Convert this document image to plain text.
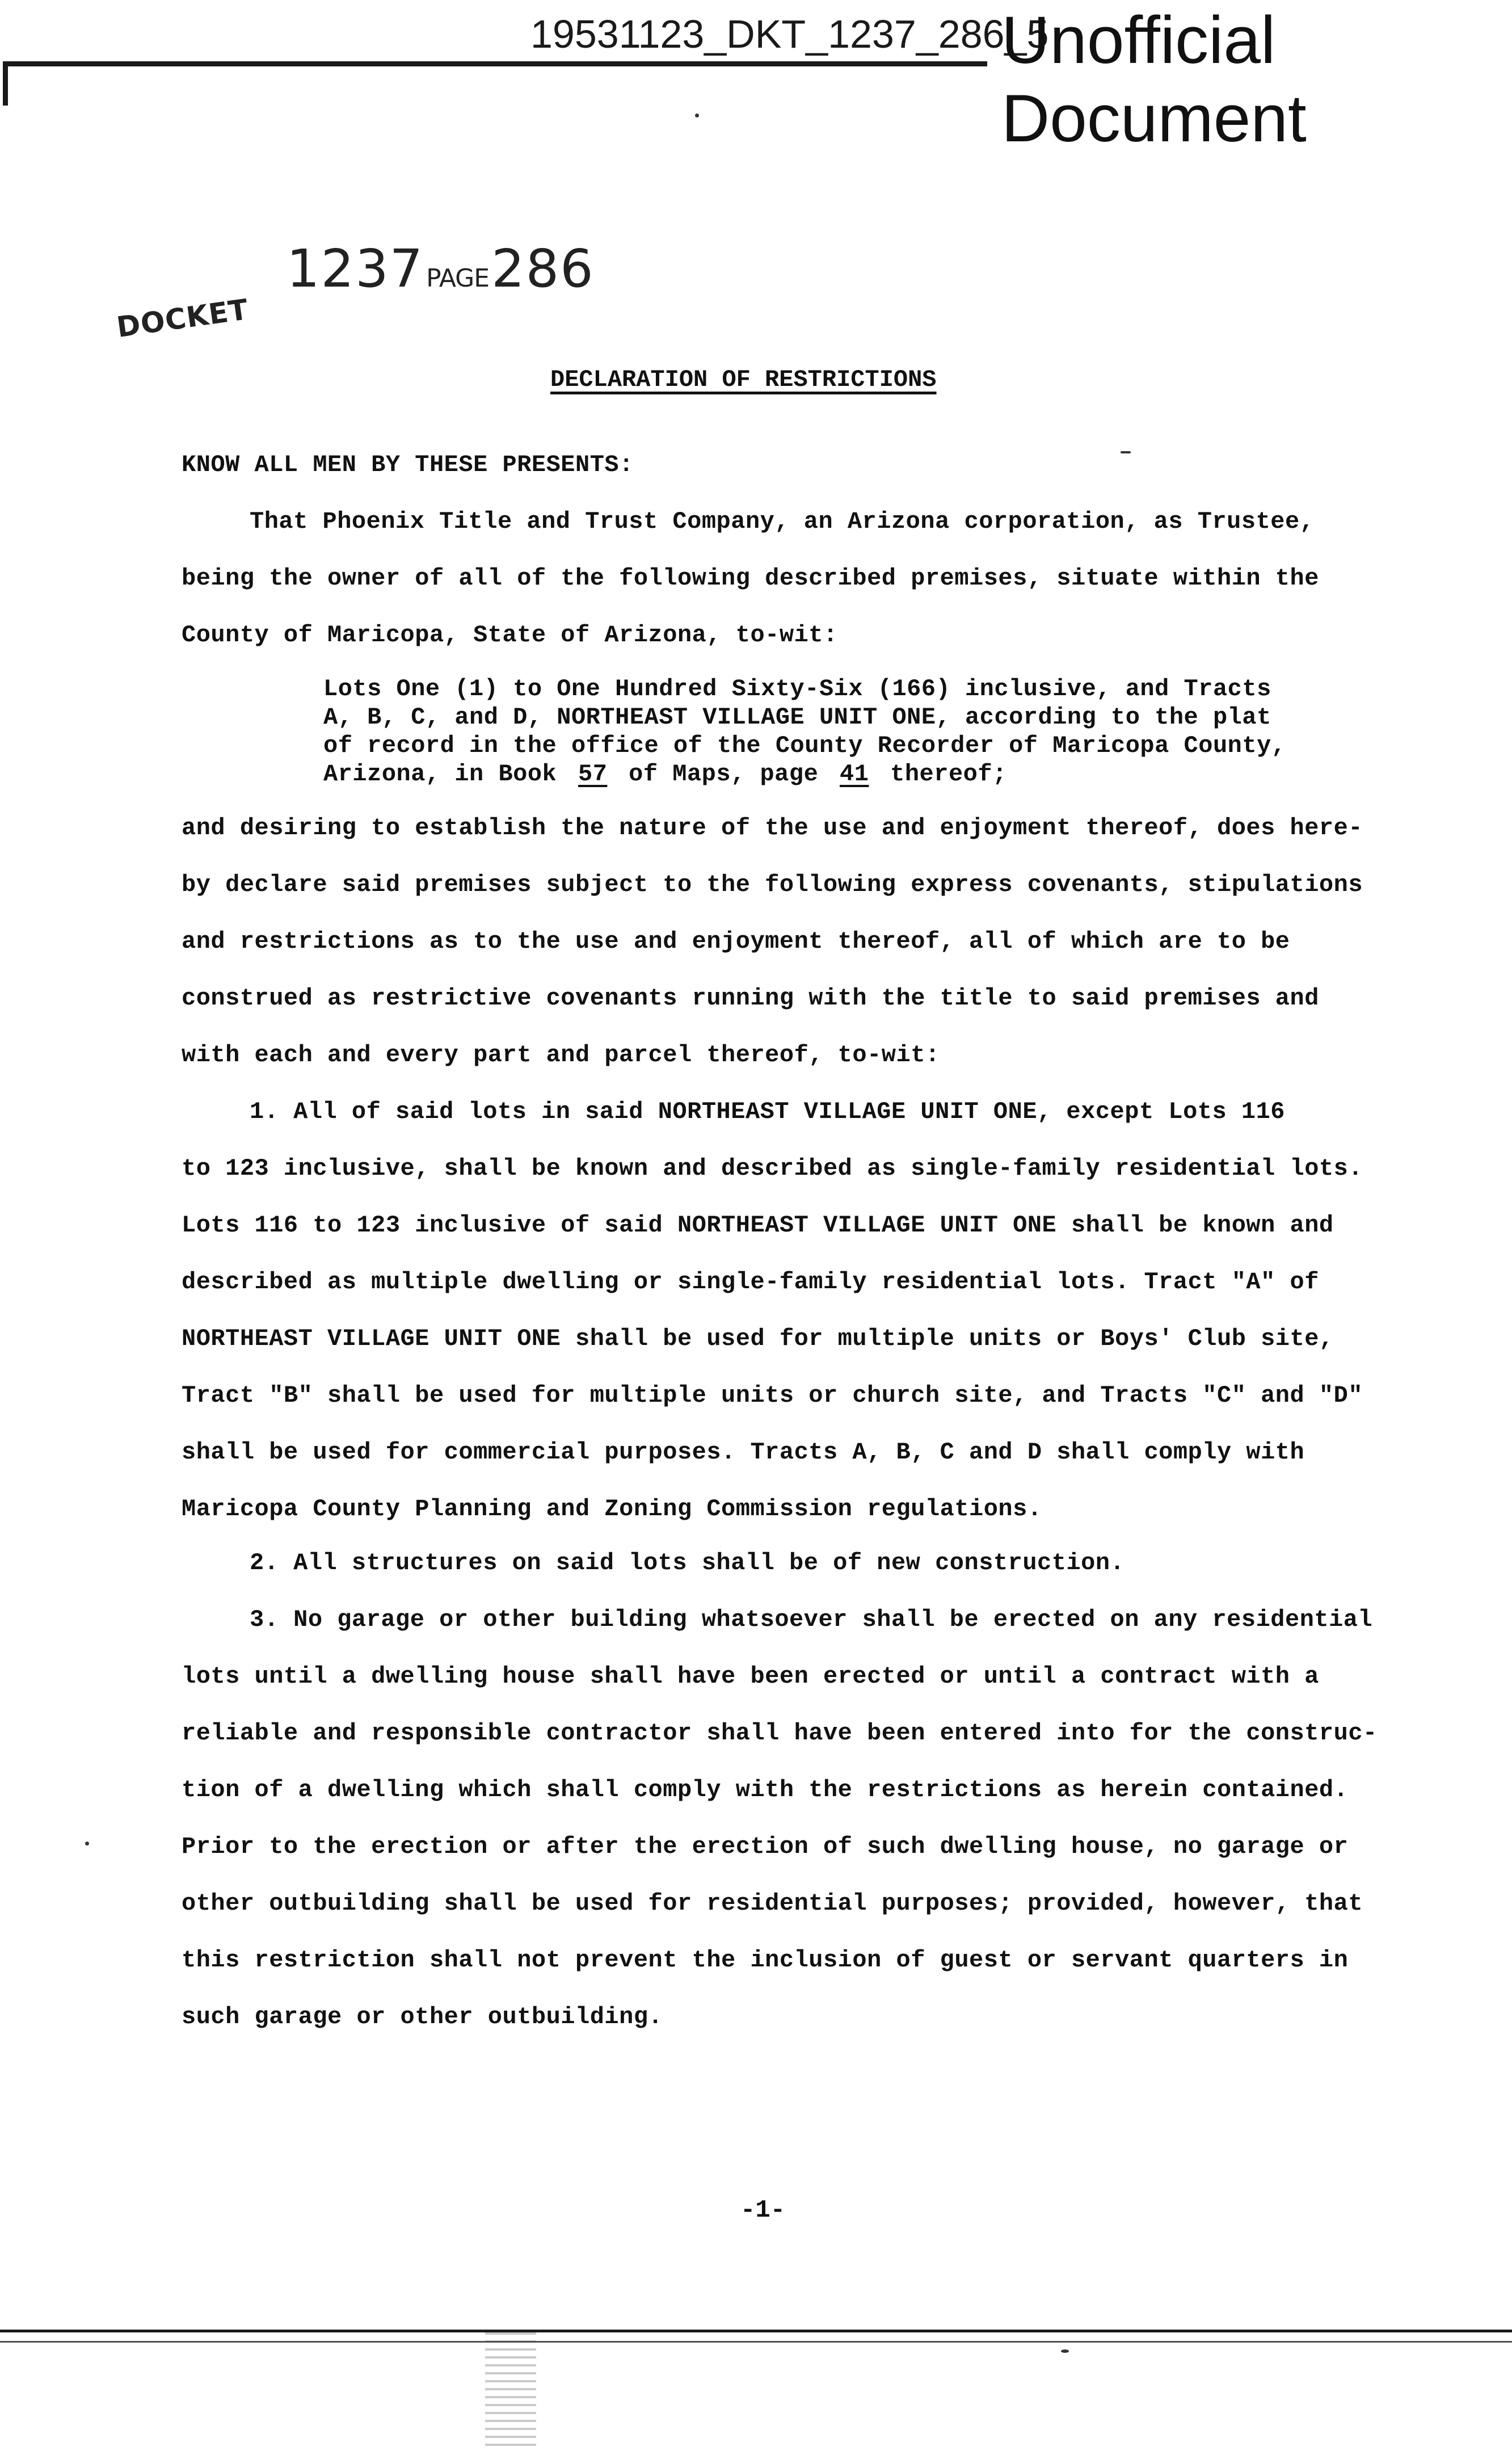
19531123_DKT_1237_286_5
Unofficial
Document
1237PAGE286
DOCKET
DECLARATION OF RESTRICTIONS
KNOW ALL MEN BY THESE PRESENTS:
That Phoenix Title and Trust Company, an Arizona corporation, as Trustee,
being the owner of all of the following described premises, situate within the
County of Maricopa, State of Arizona, to-wit:
Lots One (1) to One Hundred Sixty-Six (166) inclusive, and Tracts
A, B, C, and D, NORTHEAST VILLAGE UNIT ONE, according to the plat
of record in the office of the County Recorder of Maricopa County,
Arizona, in Book 57 of Maps, page 41 thereof;
and desiring to establish the nature of the use and enjoyment thereof, does here-
by declare said premises subject to the following express covenants, stipulations
and restrictions as to the use and enjoyment thereof, all of which are to be
construed as restrictive covenants running with the title to said premises and
with each and every part and parcel thereof, to-wit:
1. All of said lots in said NORTHEAST VILLAGE UNIT ONE, except Lots 116
to 123 inclusive, shall be known and described as single-family residential lots.
Lots 116 to 123 inclusive of said NORTHEAST VILLAGE UNIT ONE shall be known and
described as multiple dwelling or single-family residential lots. Tract "A" of
NORTHEAST VILLAGE UNIT ONE shall be used for multiple units or Boys' Club site,
Tract "B" shall be used for multiple units or church site, and Tracts "C" and "D"
shall be used for commercial purposes. Tracts A, B, C and D shall comply with
Maricopa County Planning and Zoning Commission regulations.
2. All structures on said lots shall be of new construction.
3. No garage or other building whatsoever shall be erected on any residential
lots until a dwelling house shall have been erected or until a contract with a
reliable and responsible contractor shall have been entered into for the construc-
tion of a dwelling which shall comply with the restrictions as herein contained.
Prior to the erection or after the erection of such dwelling house, no garage or
other outbuilding shall be used for residential purposes; provided, however, that
this restriction shall not prevent the inclusion of guest or servant quarters in
such garage or other outbuilding.
-1-
